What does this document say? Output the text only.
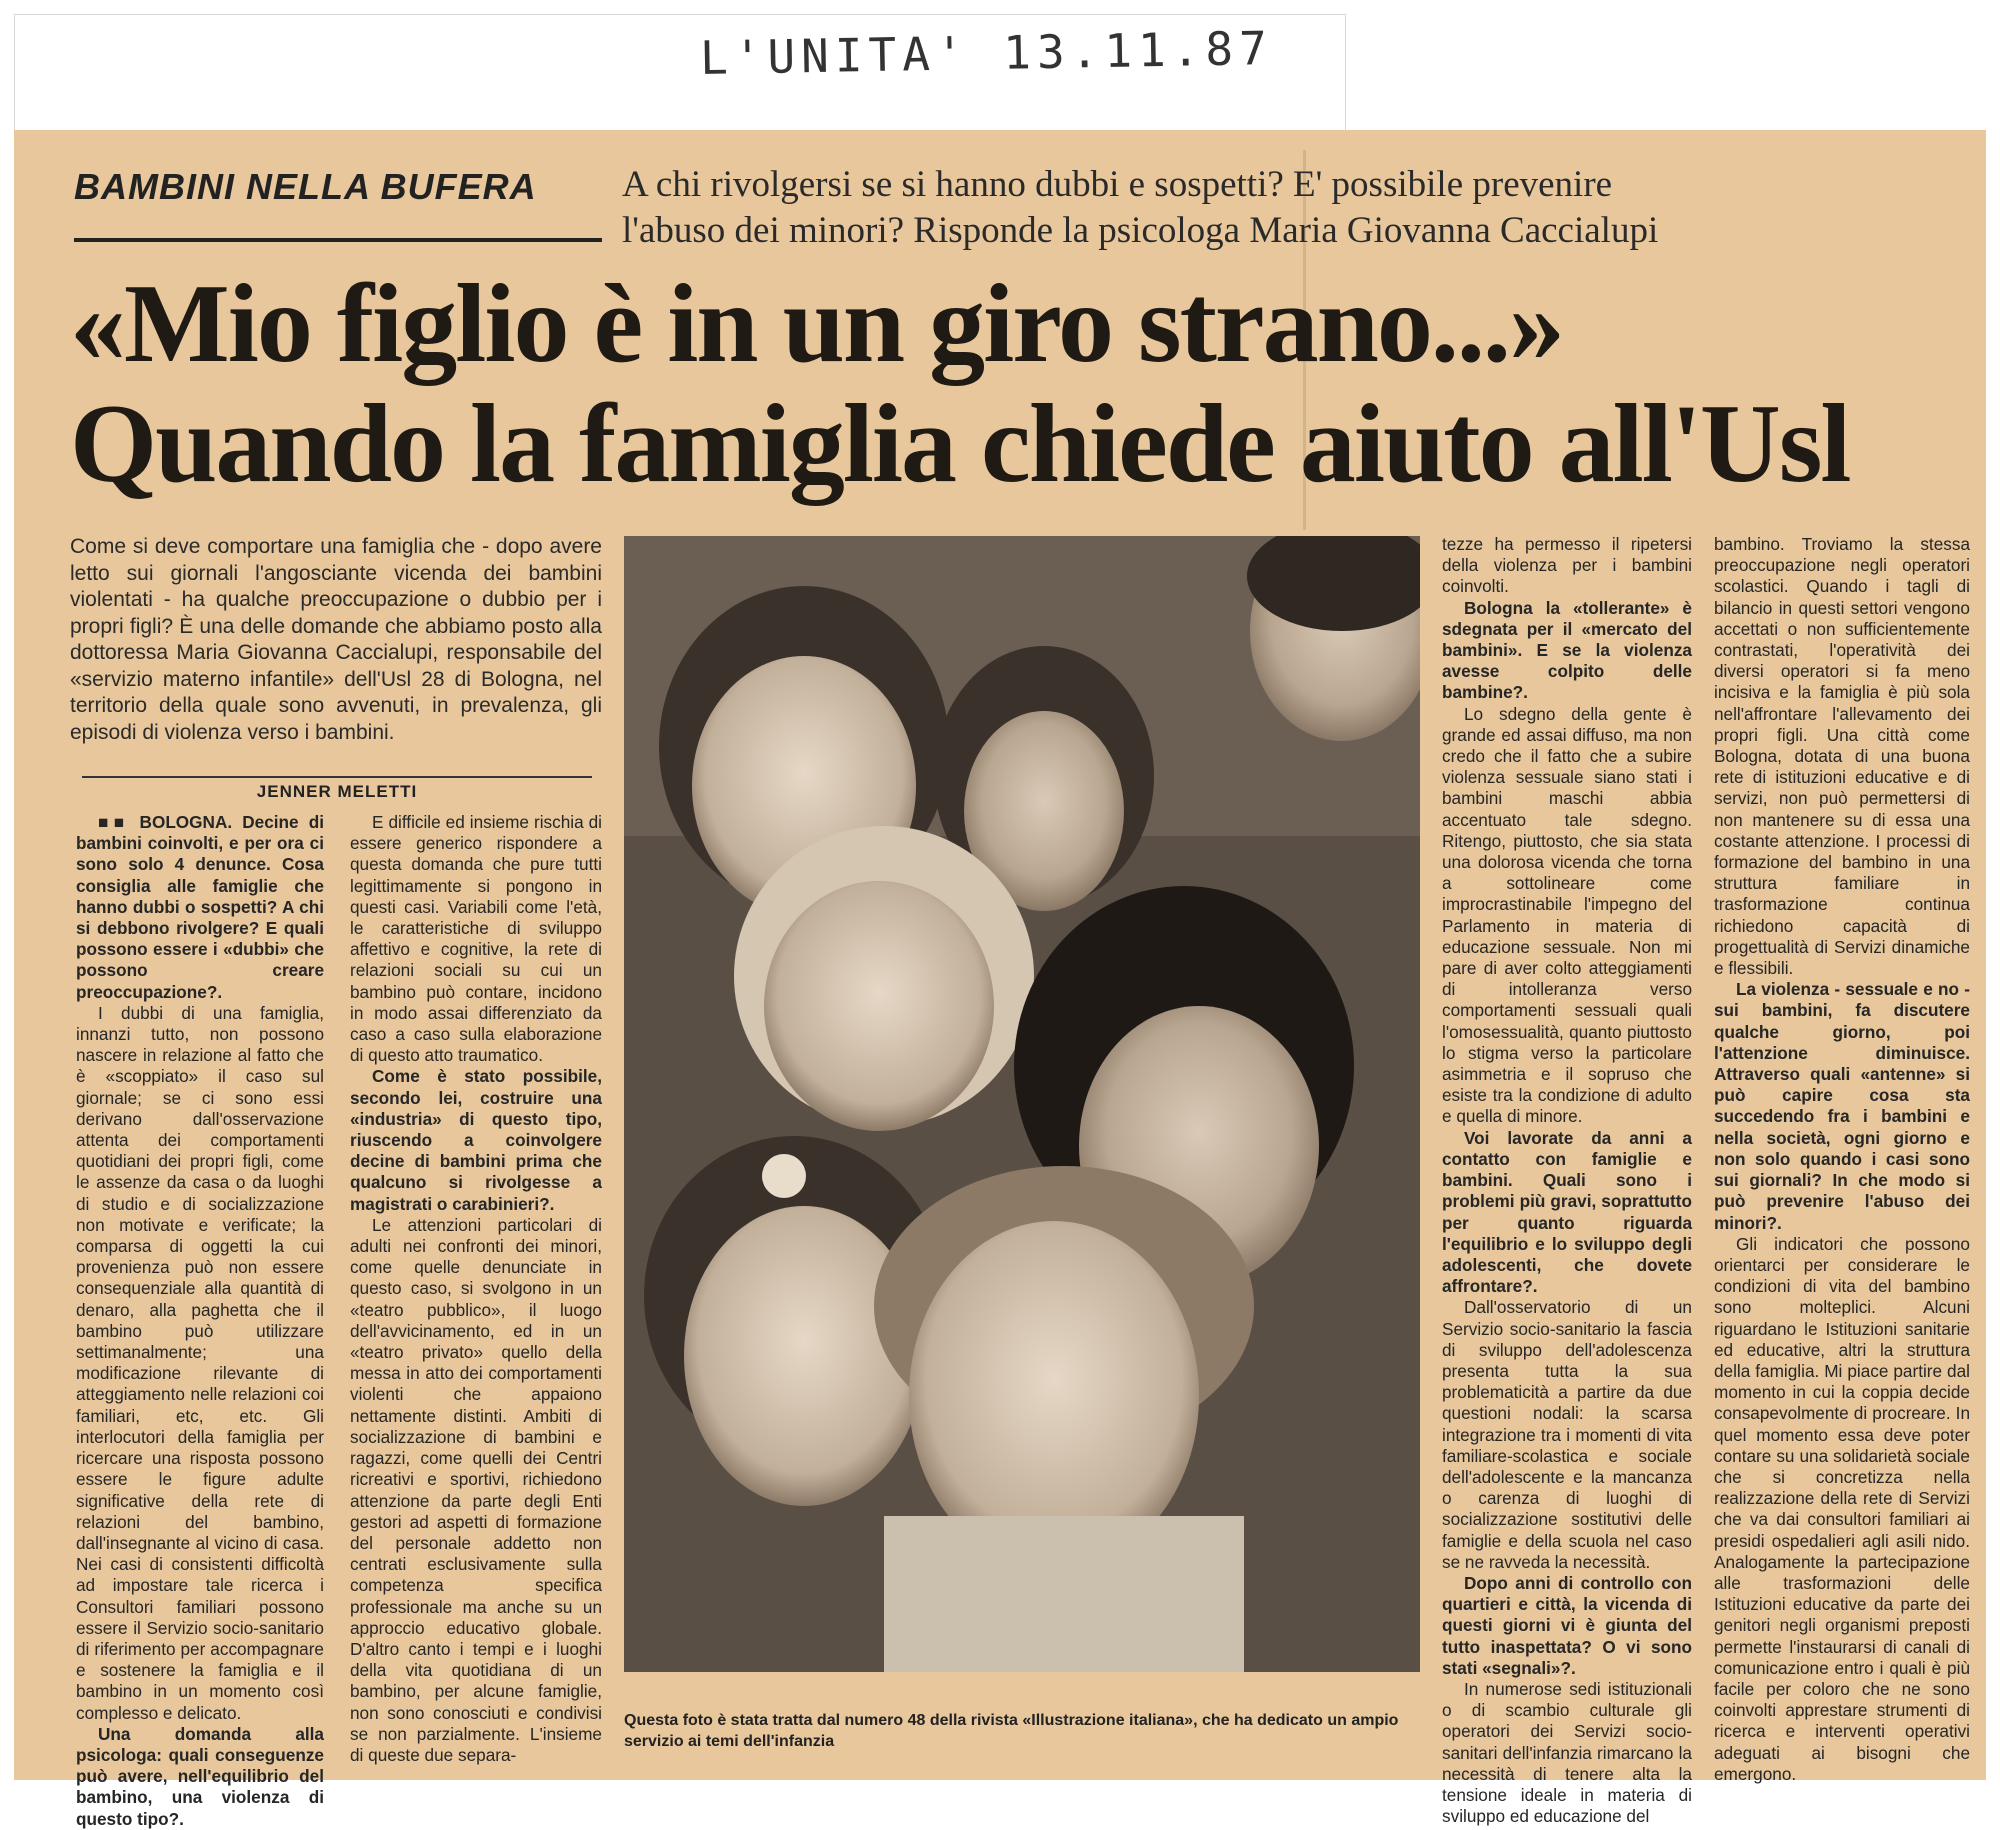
L'UNITA' 13.11.87
BAMBINI NELLA BUFERA A chi rivolgersi se si hanno dubbi e sospetti? E' possibile prevenire
l'abuso dei minori? Risponde la psicologa Maria Giovanna Caccialupi
«Mio figlio è in un giro strano...»
Quando la famiglia chiede aiuto all'Usl
Come si deve comportare una famiglia che - dopo avere letto sui giornali l'angosciante vicenda dei bambini violentati - ha qualche preoccupazione o dubbio per i propri figli? È una delle domande che abbiamo posto alla dottoressa Maria Giovanna Caccialupi, responsabile del «servizio materno infantile» dell'Usl 28 di Bologna, nel territorio della quale sono avvenuti, in prevalenza, gli episodi di violenza verso i bambini.
JENNER MELETTI

■■ BOLOGNA. Decine di bambini coinvolti, e per ora ci sono solo 4 denunce. Cosa consiglia alle famiglie che hanno dubbi o sospetti? A chi si debbono rivolgere? E quali possono essere i «dubbi» che possono creare preoccupazione?.

I dubbi di una famiglia, innanzi tutto, non possono nascere in relazione al fatto che è «scoppiato» il caso sul giornale; se ci sono essi derivano dall'osservazione attenta dei comportamenti quotidiani dei propri figli, come le assenze da casa o da luoghi di studio e di socializzazione non motivate e verificate; la comparsa di oggetti la cui provenienza può non essere consequenziale alla quantità di denaro, alla paghetta che il bambino può utilizzare settimanalmente; una modificazione rilevante di atteggiamento nelle relazioni coi familiari, etc, etc. Gli interlocutori della famiglia per ricercare una risposta possono essere le figure adulte significative della rete di relazioni del bambino, dall'insegnante al vicino di casa. Nei casi di consistenti difficoltà ad impostare tale ricerca i Consultori familiari possono essere il Servizio socio-sanitario di riferimento per accompagnare e sostenere la famiglia e il bambino in un momento così complesso e delicato.

Una domanda alla psicologa: quali conseguenze può avere, nell'equilibrio del bambino, una violenza di questo tipo?.

E difficile ed insieme rischia di essere generico rispondere a questa domanda che pure tutti legittimamente si pongono in questi casi. Variabili come l'età, le caratteristiche di sviluppo affettivo e cognitive, la rete di relazioni sociali su cui un bambino può contare, incidono in modo assai differenziato da caso a caso sulla elaborazione di questo atto traumatico.

Come è stato possibile, secondo lei, costruire una «industria» di questo tipo, riuscendo a coinvolgere decine di bambini prima che qualcuno si rivolgesse a magistrati o carabinieri?.

Le attenzioni particolari di adulti nei confronti dei minori, come quelle denunciate in questo caso, si svolgono in un «teatro pubblico», il luogo dell'avvicinamento, ed in un «teatro privato» quello della messa in atto dei comportamenti violenti che appaiono nettamente distinti. Ambiti di socializzazione di bambini e ragazzi, come quelli dei Centri ricreativi e sportivi, richiedono attenzione da parte degli Enti gestori ad aspetti di formazione del personale addetto non centrati esclusivamente sulla competenza specifica professionale ma anche su un approccio educativo globale. D'altro canto i tempi e i luoghi della vita quotidiana di un bambino, per alcune famiglie, non sono conosciuti e condivisi se non parzialmente. L'insieme di queste due separa-

Questa foto è stata tratta dal numero 48 della rivista «Illustrazione italiana», che ha dedicato un ampio servizio ai temi dell'infanzia

tezze ha permesso il ripetersi della violenza per i bambini coinvolti.

Bologna la «tollerante» è sdegnata per il «mercato del bambini». E se la violenza avesse colpito delle bambine?.

Lo sdegno della gente è grande ed assai diffuso, ma non credo che il fatto che a subire violenza sessuale siano stati i bambini maschi abbia accentuato tale sdegno. Ritengo, piuttosto, che sia stata una dolorosa vicenda che torna a sottolineare come improcrastinabile l'impegno del Parlamento in materia di educazione sessuale. Non mi pare di aver colto atteggiamenti di intolleranza verso comportamenti sessuali quali l'omosessualità, quanto piuttosto lo stigma verso la particolare asimmetria e il sopruso che esiste tra la condizione di adulto e quella di minore.

Voi lavorate da anni a contatto con famiglie e bambini. Quali sono i problemi più gravi, soprattutto per quanto riguarda l'equilibrio e lo sviluppo degli adolescenti, che dovete affrontare?.

Dall'osservatorio di un Servizio socio-sanitario la fascia di sviluppo dell'adolescenza presenta tutta la sua problematicità a partire da due questioni nodali: la scarsa integrazione tra i momenti di vita familiare-scolastica e sociale dell'adolescente e la mancanza o carenza di luoghi di socializzazione sostitutivi delle famiglie e della scuola nel caso se ne ravveda la necessità.

Dopo anni di controllo con quartieri e città, la vicenda di questi giorni vi è giunta del tutto inaspettata? O vi sono stati «segnali»?.

In numerose sedi istituzionali o di scambio culturale gli operatori dei Servizi socio-sanitari dell'infanzia rimarcano la necessità di tenere alta la tensione ideale in materia di sviluppo ed educazione del

bambino. Troviamo la stessa preoccupazione negli operatori scolastici. Quando i tagli di bilancio in questi settori vengono accettati o non sufficientemente contrastati, l'operatività dei diversi operatori si fa meno incisiva e la famiglia è più sola nell'affrontare l'allevamento dei propri figli. Una città come Bologna, dotata di una buona rete di istituzioni educative e di servizi, non può permettersi di non mantenere su di essa una costante attenzione. I processi di formazione del bambino in una struttura familiare in trasformazione continua richiedono capacità di progettualità di Servizi dinamiche e flessibili.

La violenza - sessuale e no - sui bambini, fa discutere qualche giorno, poi l'attenzione diminuisce. Attraverso quali «antenne» si può capire cosa sta succedendo fra i bambini e nella società, ogni giorno e non solo quando i casi sono sui giornali? In che modo si può prevenire l'abuso dei minori?.

Gli indicatori che possono orientarci per considerare le condizioni di vita del bambino sono molteplici. Alcuni riguardano le Istituzioni sanitarie ed educative, altri la struttura della famiglia. Mi piace partire dal momento in cui la coppia decide consapevolmente di procreare. In quel momento essa deve poter contare su una solidarietà sociale che si concretizza nella realizzazione della rete di Servizi che va dai consultori familiari ai presidi ospedalieri agli asili nido. Analogamente la partecipazione alle trasformazioni delle Istituzioni educative da parte dei genitori negli organismi preposti permette l'instaurarsi di canali di comunicazione entro i quali è più facile per coloro che ne sono coinvolti apprestare strumenti di ricerca e interventi operativi adeguati ai bisogni che emergono.
